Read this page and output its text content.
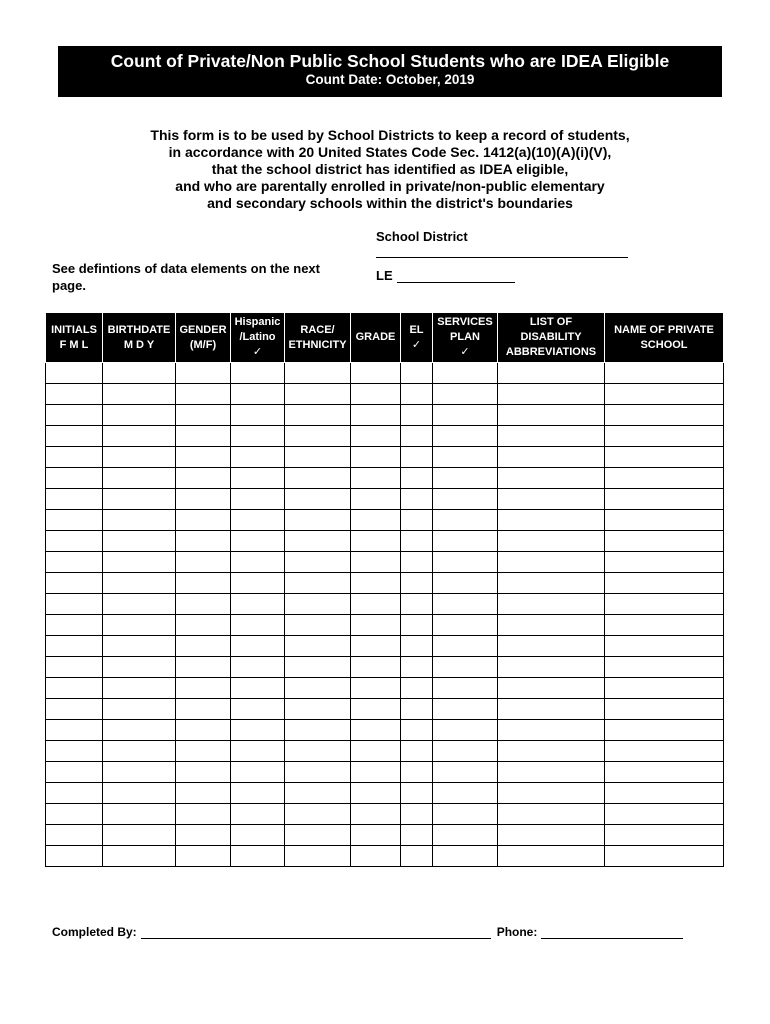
Count of Private/Non Public School Students who are IDEA Eligible
Count Date: October, 2019
This form is to be used by School Districts to keep a record of students,
in accordance with 20 United States Code Sec. 1412(a)(10)(A)(i)(V),
that the school district has identified as IDEA eligible,
and who are parentally enrolled in private/non-public elementary
and secondary schools within the district's boundaries
School District
LE
See defintions of data elements on the next page.
INITIALS
F M L	BIRTHDATE
M D Y	GENDER
(M/F)	Hispanic
/Latino
✓	RACE/
ETHNICITY	GRADE	EL
✓	SERVICES
PLAN
✓	LIST OF
DISABILITY
ABBREVIATIONS	NAME OF PRIVATE
SCHOOL

Completed By:	Phone:
